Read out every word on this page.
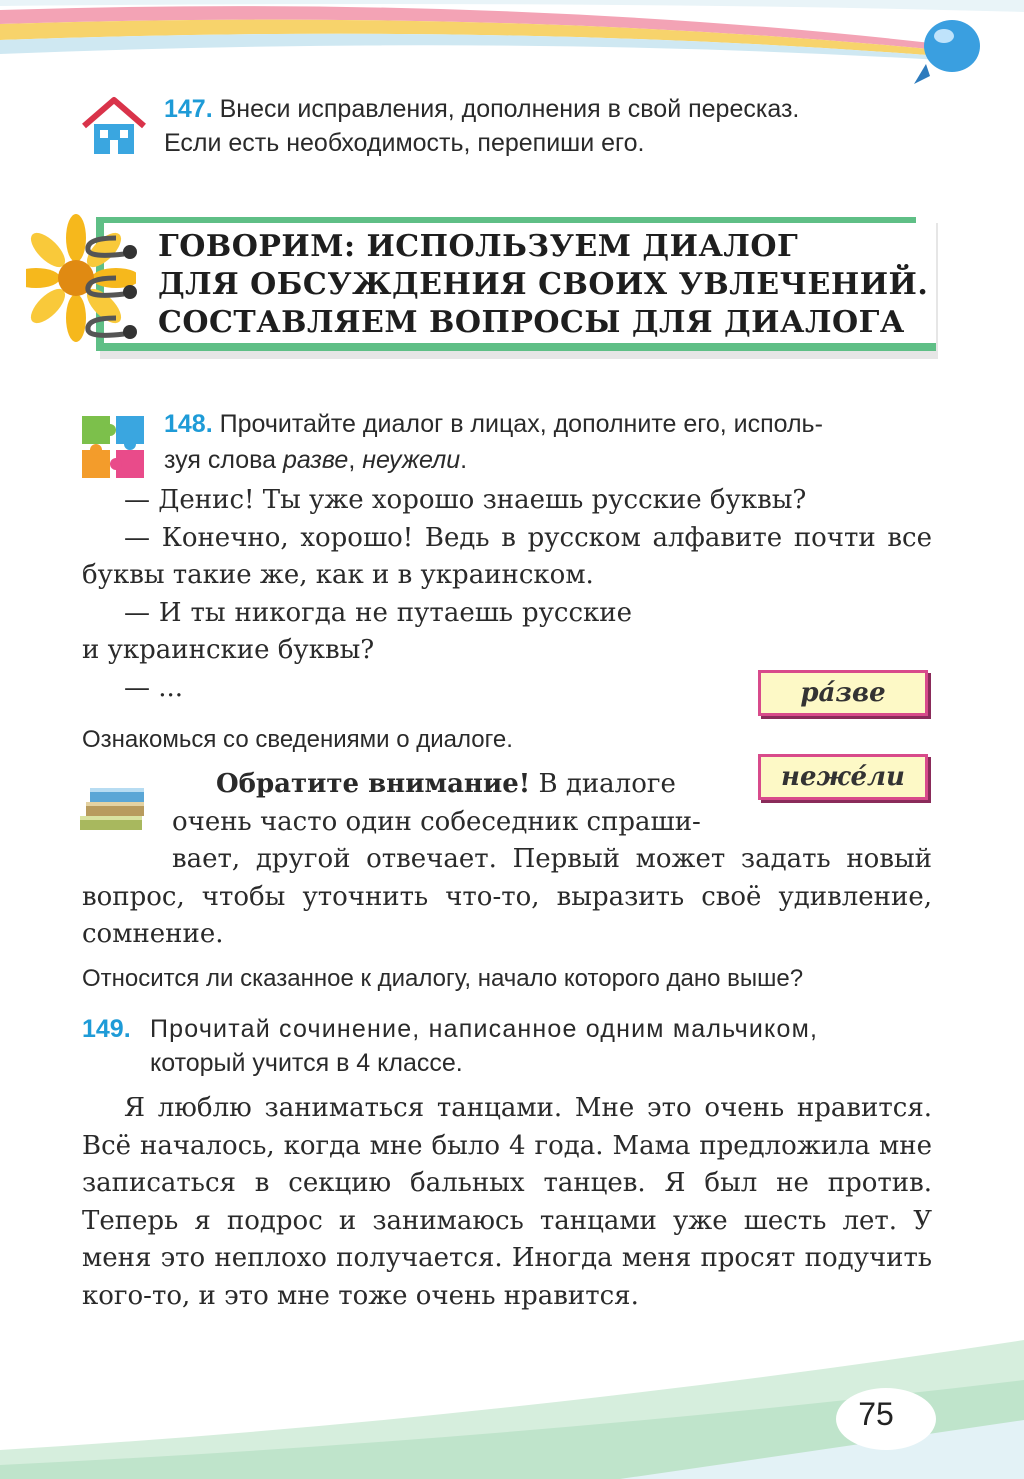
147. Внеси исправления, дополнения в свой пересказ.
Если есть необходимость, перепиши его.
ГОВОРИМ: ИСПОЛЬЗУЕМ ДИАЛОГ
ДЛЯ ОБСУЖДЕНИЯ СВОИХ УВЛЕЧЕНИЙ.
СОСТАВЛЯЕМ ВОПРОСЫ ДЛЯ ДИАЛОГА
148. Прочитайте диалог в лицах, дополните его, исполь-
зуя слова разве, неужели.

— Денис! Ты уже хорошо знаешь русские буквы?

— Конечно, хорошо! Ведь в русском алфавите почти все буквы такие же, как и в украинском.

— И ты никогда не путаешь русские и украинские буквы?

— ...	ра́зве
неже́ли
Ознакомься со сведениями о диалоге.

Обратите внимание! В диалоге

очень часто один собеседник спраши-

вает, другой отвечает. Первый может задать новый вопрос, чтобы уточнить что-то, выразить своё удивление, сомнение.

Относится ли сказанное к диалогу, начало которого дано выше?

149. Прочитай сочинение, написанное одним мальчиком,

который учится в 4 классе.

Я люблю заниматься танцами. Мне это очень нравится. Всё началось, когда мне было 4 года. Мама предложила мне записаться в секцию бальных танцев. Я был не против. Теперь я подрос и занимаюсь танцами уже шесть лет. У меня это неплохо получается. Иногда меня просят подучить кого-то, и это мне тоже очень нравится.

75
